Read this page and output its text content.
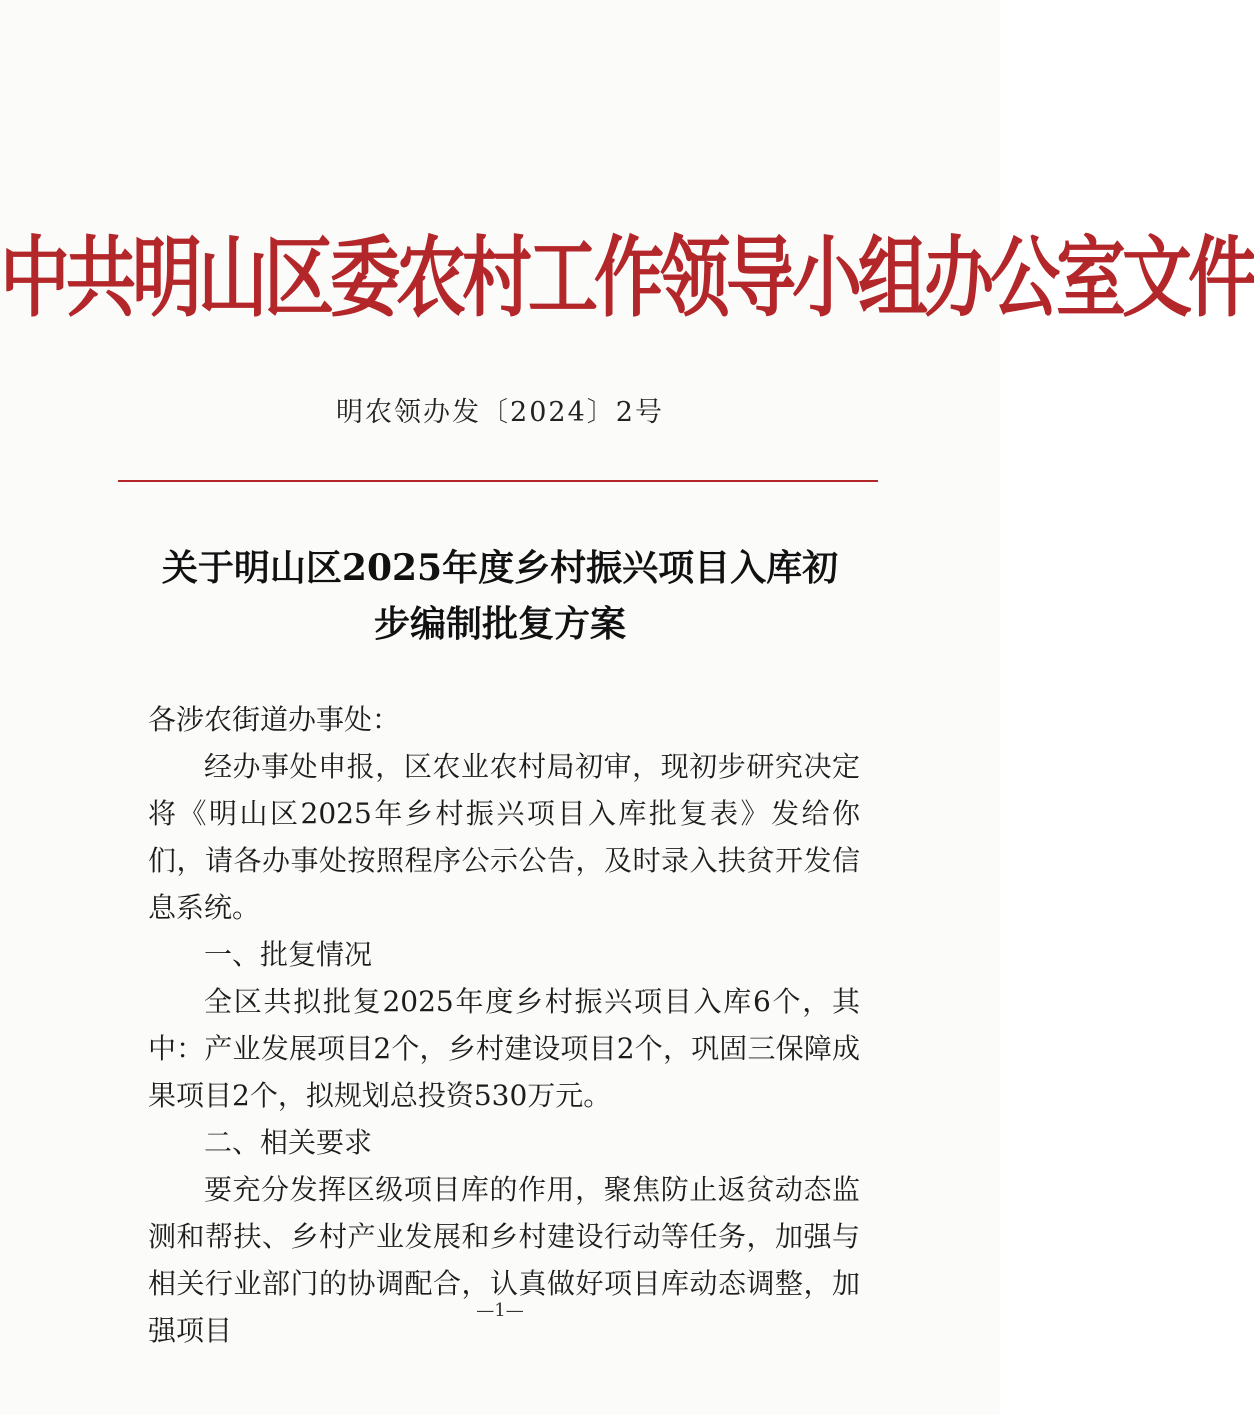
中共明山区委农村工作领导小组办公室文件
明农领办发〔2024〕2号
关于明山区2025年度乡村振兴项目入库初
步编制批复方案

各涉农街道办事处：

经办事处申报，区农业农村局初审，现初步研究决定将《明山区2025年乡村振兴项目入库批复表》发给你们，请各办事处按照程序公示公告，及时录入扶贫开发信息系统。

一、批复情况

全区共拟批复2025年度乡村振兴项目入库6个，其中：产业发展项目2个，乡村建设项目2个，巩固三保障成果项目2个，拟规划总投资530万元。

二、相关要求

要充分发挥区级项目库的作用，聚焦防止返贫动态监测和帮扶、乡村产业发展和乡村建设行动等任务，加强与相关行业部门的协调配合，认真做好项目库动态调整，加强项目

—1—
